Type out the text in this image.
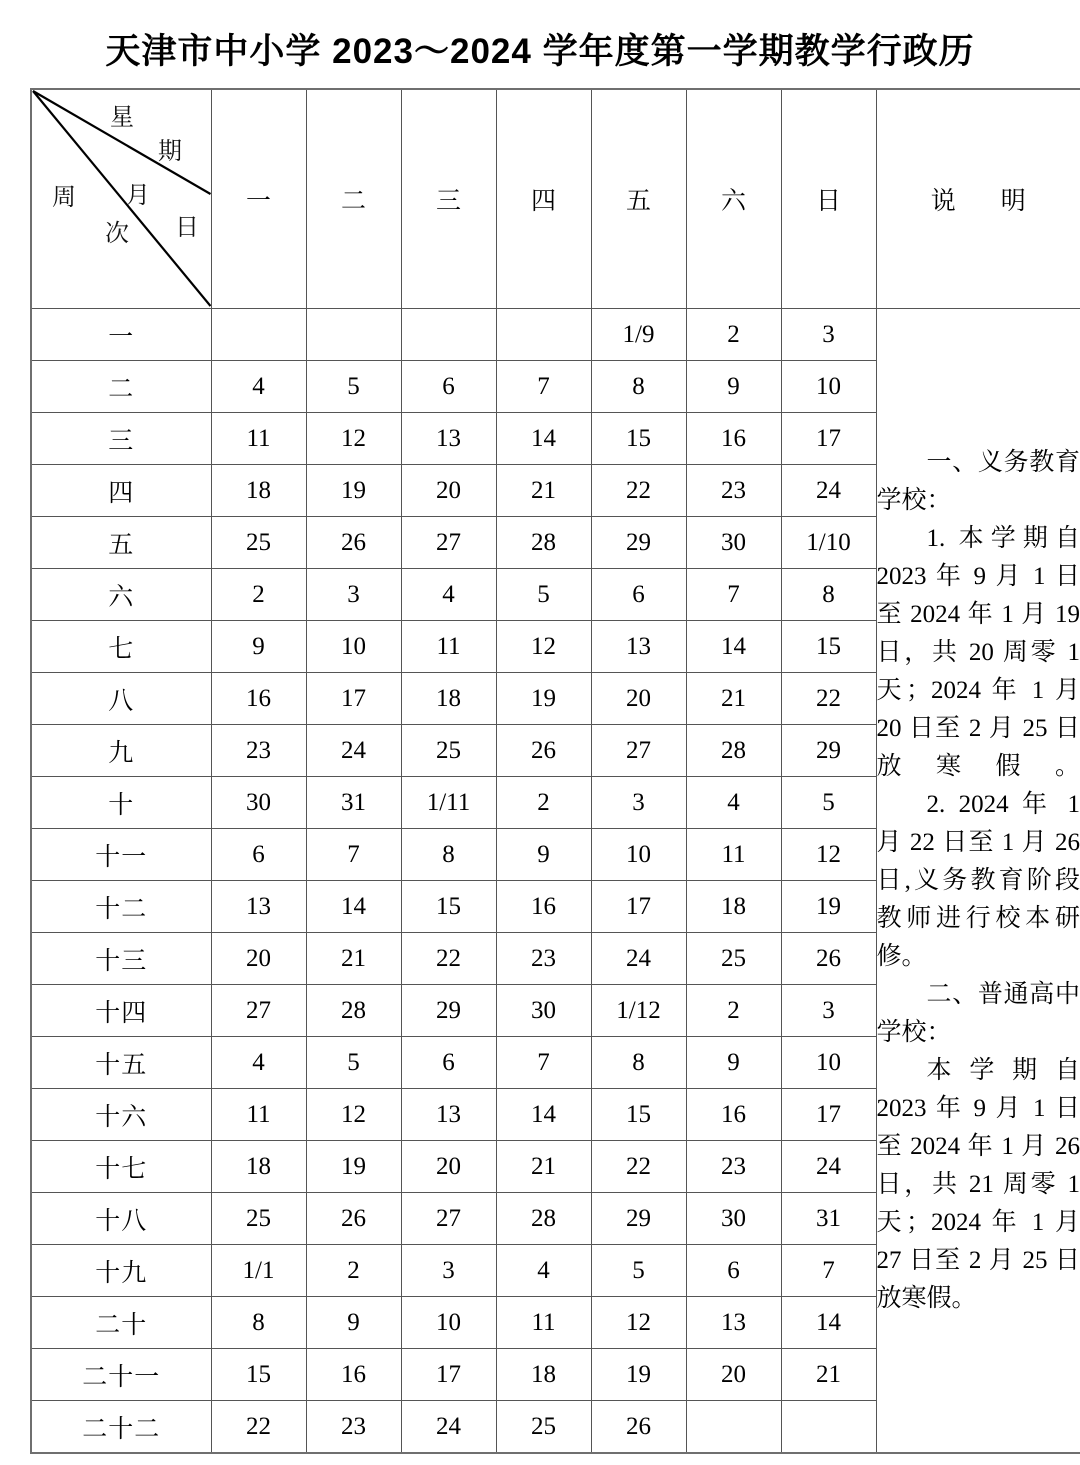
天津市中小学 2023～2024 学年度第一学期教学行政历
星
期
月
日
周
次
	一	二	三	四	五	六	日	说　明
一					1/9	2	3	一、义务教育学校：
1. 本学期自 2023 年 9 月 1 日至 2024 年 1 月 19 日，共 20 周零 1 天；2024 年 1 月 20 日至 2 月 25 日放寒假。
2. 2024 年 1 月 22 日至 1 月 26 日,义务教育阶段教师进行校本研修。
二、普通高中学校：
本学期自 2023 年 9 月 1 日至 2024 年 1 月 26 日，共 21 周零 1 天；2024 年 1 月 27 日至 2 月 25 日放寒假。

二	4	5	6	7	8	9	10	
三	11	12	13	14	15	16	17	
四	18	19	20	21	22	23	24	
五	25	26	27	28	29	30	1/10	
六	2	3	4	5	6	7	8	
七	9	10	11	12	13	14	15	
八	16	17	18	19	20	21	22	
九	23	24	25	26	27	28	29	
十	30	31	1/11	2	3	4	5	
十一	6	7	8	9	10	11	12	
十二	13	14	15	16	17	18	19	
十三	20	21	22	23	24	25	26	
十四	27	28	29	30	1/12	2	3	
十五	4	5	6	7	8	9	10	
十六	11	12	13	14	15	16	17	
十七	18	19	20	21	22	23	24	
十八	25	26	27	28	29	30	31	
十九	1/1	2	3	4	5	6	7	
二十	8	9	10	11	12	13	14	
二十一	15	16	17	18	19	20	21	
二十二	22	23	24	25	26			
